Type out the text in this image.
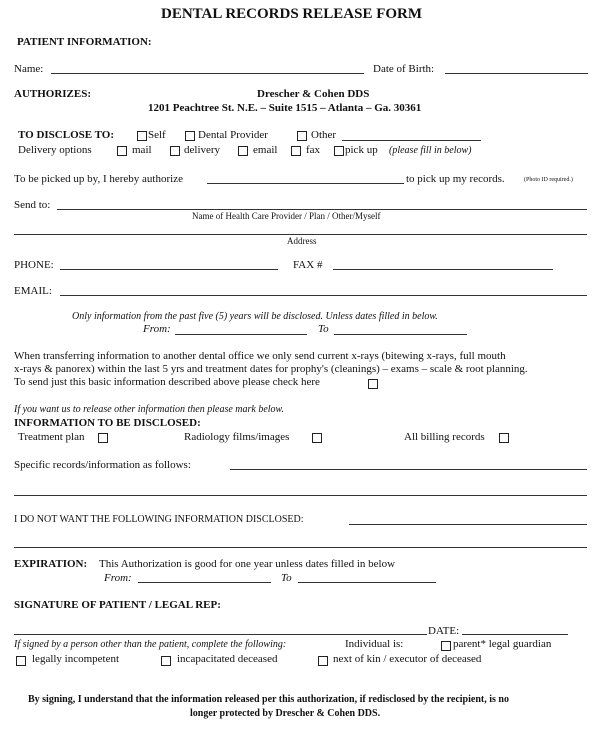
DENTAL RECORDS RELEASE FORM
PATIENT INFORMATION:
Name:	Date of Birth:
AUTHORIZES:	Drescher & Cohen DDS
1201 Peachtree St. N.E. – Suite 1515 – Atlanta – Ga. 30361
TO DISCLOSE TO:	Self	Dental Provider	Other
Delivery options	mail	delivery	email	fax pick up (please fill in below)
To be picked up by, I hereby authorize	to pick up my records.	(Photo ID required.)
Send to:
Name of Health Care Provider / Plan / Other/Myself
Address
PHONE:	FAX #
EMAIL:
Only information from the past five (5) years will be disclosed. Unless dates filled in below.
From:	To
When transferring information to another dental office we only send current x-rays (bitewing x-rays, full mouth
x-rays & panorex) within the last 5 yrs and treatment dates for prophy's (cleanings) – exams – scale & root planning.
To send just this basic information described above please check here
If you want us to release other information then please mark below.
INFORMATION TO BE DISCLOSED:
Treatment plan	Radiology films/images	All billing records
Specific records/information as follows:
I DO NOT WANT THE FOLLOWING INFORMATION DISCLOSED:
EXPIRATION: This Authorization is good for one year unless dates filled in below
From:	To
SIGNATURE OF PATIENT / LEGAL REP:
DATE:
If signed by a person other than the patient, complete the following:	Individual is:	parent* legal guardian
legally incompetent	incapacitated deceased	next of kin / executor of deceased
By signing, I understand that the information released per this authorization, if redisclosed by the recipient, is no
longer protected by Drescher & Cohen DDS.
